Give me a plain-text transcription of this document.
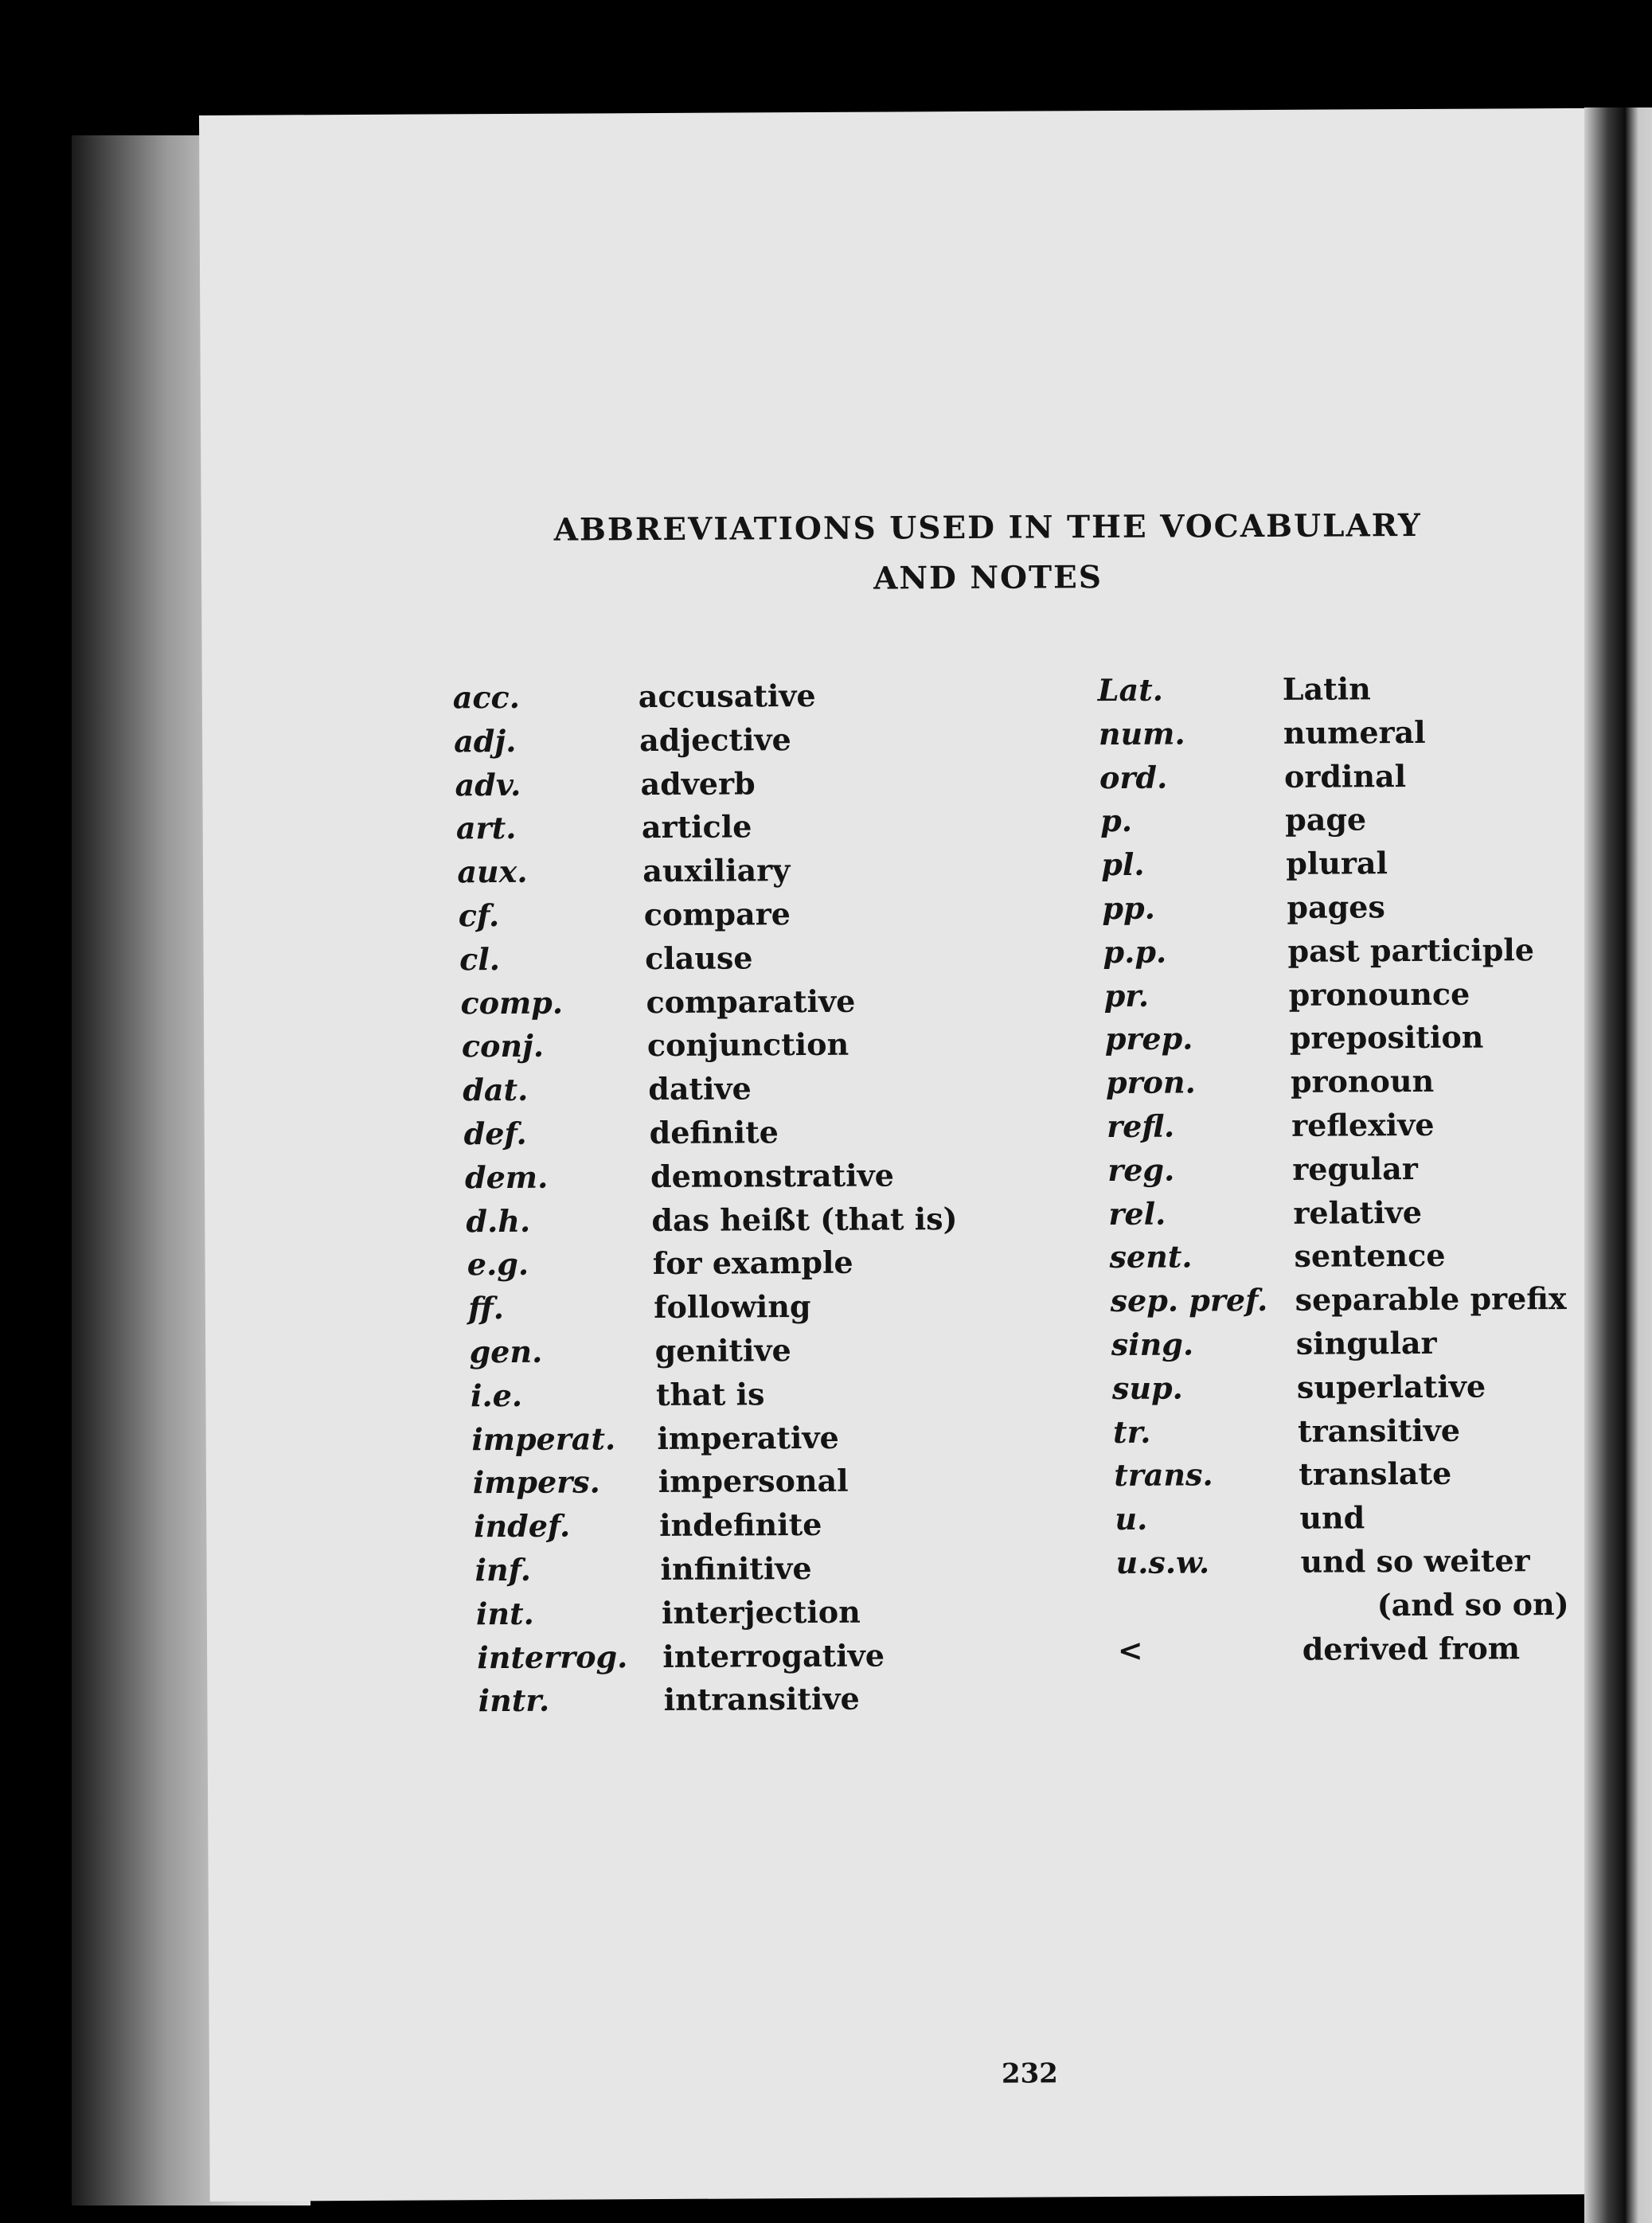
ABBREVIATIONS USED IN THE VOCABULARY
AND NOTES
acc.	accusative
adj.	adjective
adv.	adverb
art.	article
aux.	auxiliary
cf.	compare
cl.	clause
comp.	comparative
conj.	conjunction
dat.	dative
def.	definite
dem.	demonstrative
d.h.	das heißt (that is)
e.g.	for example
ff.	following
gen.	genitive
i.e.	that is
imperat. imperative
impers. impersonal
indef.	indefinite
inf.	infinitive
int.	interjection
interrog. interrogative
intr.	intransitive
Lat.	Latin
num.	numeral
ord.	ordinal
p.	page
pl.	plural
pp.	pages
p.p.	past participle
pr.	pronounce
prep.	preposition
pron.	pronoun
refl.	reflexive
reg.	regular
rel.	relative
sent.	sentence
sep. pref. separable prefix
sing.	singular
sup.	superlative
tr.	transitive
trans.	translate
u.	und
u.s.w.	und so weiter
(and so on)
<	derived from
232
